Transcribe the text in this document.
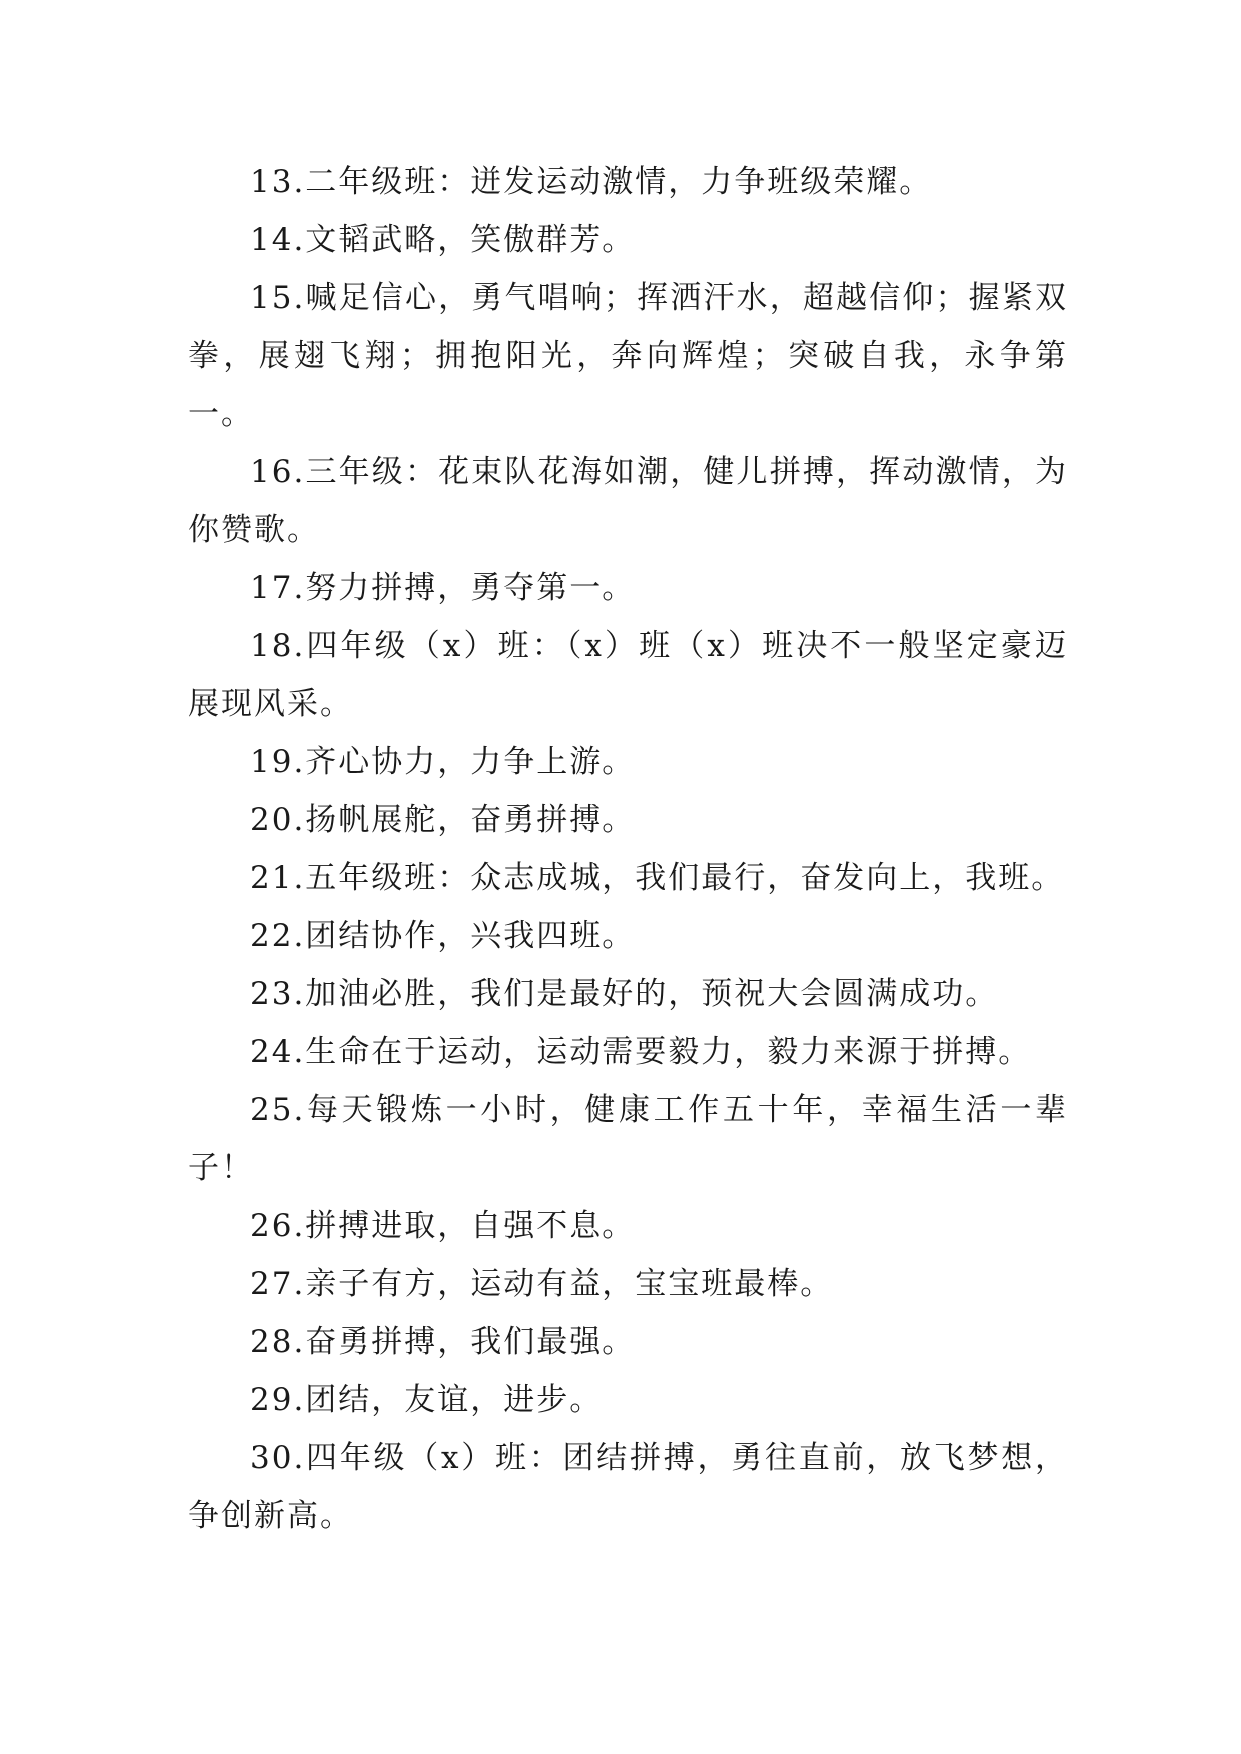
13.二年级班：迸发运动激情，力争班级荣耀。

14.文韬武略，笑傲群芳。

15.喊足信心，勇气唱响；挥洒汗水，超越信仰；握紧双拳，展翅飞翔；拥抱阳光，奔向辉煌；突破自我，永争第一。

16.三年级：花束队花海如潮，健儿拼搏，挥动激情，为你赞歌。

17.努力拼搏，勇夺第一。

18.四年级（x）班：（x）班（x）班决不一般坚定豪迈展现风采。

19.齐心协力，力争上游。

20.扬帆展舵，奋勇拼搏。

21.五年级班：众志成城，我们最行，奋发向上，我班。

22.团结协作，兴我四班。

23.加油必胜，我们是最好的，预祝大会圆满成功。

24.生命在于运动，运动需要毅力，毅力来源于拼搏。

25.每天锻炼一小时，健康工作五十年，幸福生活一辈子！

26.拼搏进取，自强不息。

27.亲子有方，运动有益，宝宝班最棒。

28.奋勇拼搏，我们最强。

29.团结，友谊，进步。

30.四年级（x）班：团结拼搏，勇往直前，放飞梦想，争创新高。
